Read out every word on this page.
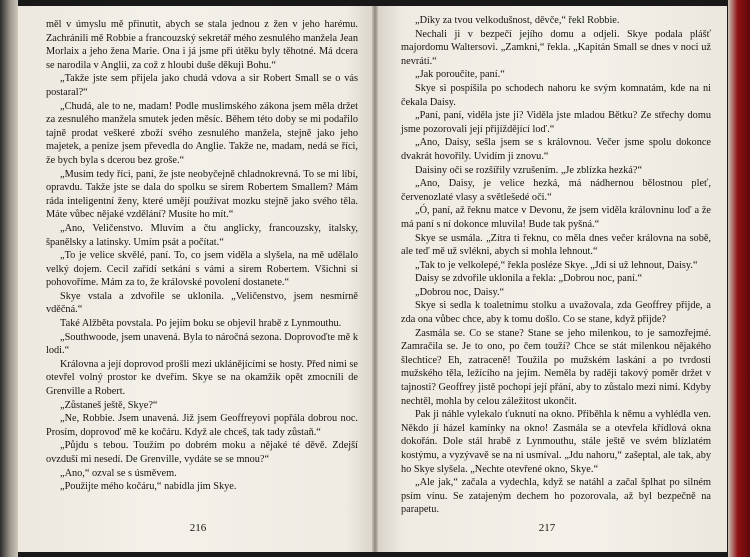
měl v úmyslu mě přinutit, abych se stala jednou z žen v jeho harému. Zachránili mě Robbie a francouzský sekretář mého zesnulého manžela Jean Morlaix a jeho žena Marie. Ona i já jsme při útěku byly těhotné. Má dcera se narodila v Anglii, za což z hloubi duše děkuji Bohu.“

„Takže jste sem přijela jako chudá vdova a sir Robert Small se o vás postaral?“

„Chudá, ale to ne, madam! Podle muslimského zákona jsem měla držet za zesnulého manžela smutek jeden měsíc. Během této doby se mi podařilo tajně prodat veškeré zboží svého zesnulého manžela, stejně jako jeho majetek, a peníze jsem převedla do Anglie. Takže ne, madam, nedá se říci, že bych byla s dcerou bez groše.“

„Musím tedy říci, paní, že jste neobyčejně chladnokrevná. To se mi líbí, opravdu. Takže jste se dala do spolku se sirem Robertem Smallem? Mám ráda inteligentní ženy, které umějí používat mozku stejně jako svého těla. Máte vůbec nějaké vzdělání? Musíte ho mít.“

„Ano, Veličenstvo. Mluvím a čtu anglicky, francouzsky, italsky, španělsky a latinsky. Umím psát a počítat.“

„To je velice skvělé, paní. To, co jsem viděla a slyšela, na mě udělalo velký dojem. Cecil zařídí setkání s vámi a sirem Robertem. Všichni si pohovoříme. Mám za to, že královské povolení dostanete.“

Skye vstala a zdvořile se uklonila. „Veličenstvo, jsem nesmírně vděčná.“

Také Alžběta povstala. Po jejím boku se objevil hrabě z Lynmouthu.

„Southwoode, jsem unavená. Byla to náročná sezona. Doprovoďte mě k lodi.“

Královna a její doprovod prošli mezi uklánějícími se hosty. Před nimi se otevřel volný prostor ke dveřím. Skye se na okamžik opět zmocnili de Grenville a Robert.

„Zůstaneš ještě, Skye?“

„Ne, Robbie. Jsem unavená. Již jsem Geoffreyovi popřála dobrou noc. Prosím, doprovoď mě ke kočáru. Když ale chceš, tak tady zůstaň.“

„Půjdu s tebou. Toužím po dobrém moku a nějaké té děvě. Zdejší ovzduší mi nesedí. De Grenville, vydáte se se mnou?“

„Ano,“ ozval se s úsměvem.

„Použijte mého kočáru,“ nabídla jim Skye.

216

„Díky za tvou velkodušnost, děvče,“ řekl Robbie.

Nechali ji v bezpečí jejího domu a odjeli. Skye podala plášť majordomu Waltersovi. „Zamkni,“ řekla. „Kapitán Small se dnes v noci už nevrátí.“

„Jak poroučíte, paní.“

Skye si pospíšila po schodech nahoru ke svým komnatám, kde na ni čekala Daisy.

„Paní, paní, viděla jste ji? Viděla jste mladou Bětku? Ze střechy domu jsme pozorovali její přijíždějící loď.“

„Ano, Daisy, sešla jsem se s královnou. Večer jsme spolu dokonce dvakrát hovořily. Uvidím ji znovu.“

Daisiny oči se rozšířily vzrušením. „Je zblízka hezká?“

„Ano, Daisy, je velice hezká, má nádhernou bělostnou pleť, červenozlaté vlasy a světlešedé oči.“

„Ó, paní, až řeknu matce v Devonu, že jsem viděla královninu loď a že má paní s ní dokonce mluvila! Bude tak pyšná.“

Skye se usmála. „Zítra ti řeknu, co měla dnes večer královna na sobě, ale teď mě už svlékni, abych si mohla lehnout.“

„Tak to je velkolepé,“ řekla posléze Skye. „Jdi si už lehnout, Daisy.“

Daisy se zdvořile uklonila a řekla: „Dobrou noc, paní.“

„Dobrou noc, Daisy.“

Skye si sedla k toaletnímu stolku a uvažovala, zda Geoffrey přijde, a zda ona vůbec chce, aby k tomu došlo. Co se stane, když přijde?

Zasmála se. Co se stane? Stane se jeho milenkou, to je samozřejmé. Zamračila se. Je to ono, po čem touží? Chce se stát milenkou nějakého šlechtice? Eh, zatraceně! Toužila po mužském laskání a po tvrdosti mužského těla, ležícího na jejím. Neměla by raději takový poměr držet v tajnosti? Geoffrey jistě pochopí její přání, aby to zůstalo mezi nimi. Kdyby nechtěl, mohla by celou záležitost ukončit.

Pak ji náhle vylekalo ťuknutí na okno. Přiběhla k němu a vyhlédla ven. Někdo jí házel kamínky na okno! Zasmála se a otevřela křídlová okna dokořán. Dole stál hrabě z Lynmouthu, stále ještě ve svém blízlatém kostýmu, a vyzývavě se na ni usmíval. „Jdu nahoru,“ zašeptal, ale tak, aby ho Skye slyšela. „Nechte otevřené okno, Skye.“

„Ale jak,“ začala a vydechla, když se natáhl a začal šplhat po silném psím vínu. Se zatajeným dechem ho pozorovala, až byl bezpečně na parapetu.

217
